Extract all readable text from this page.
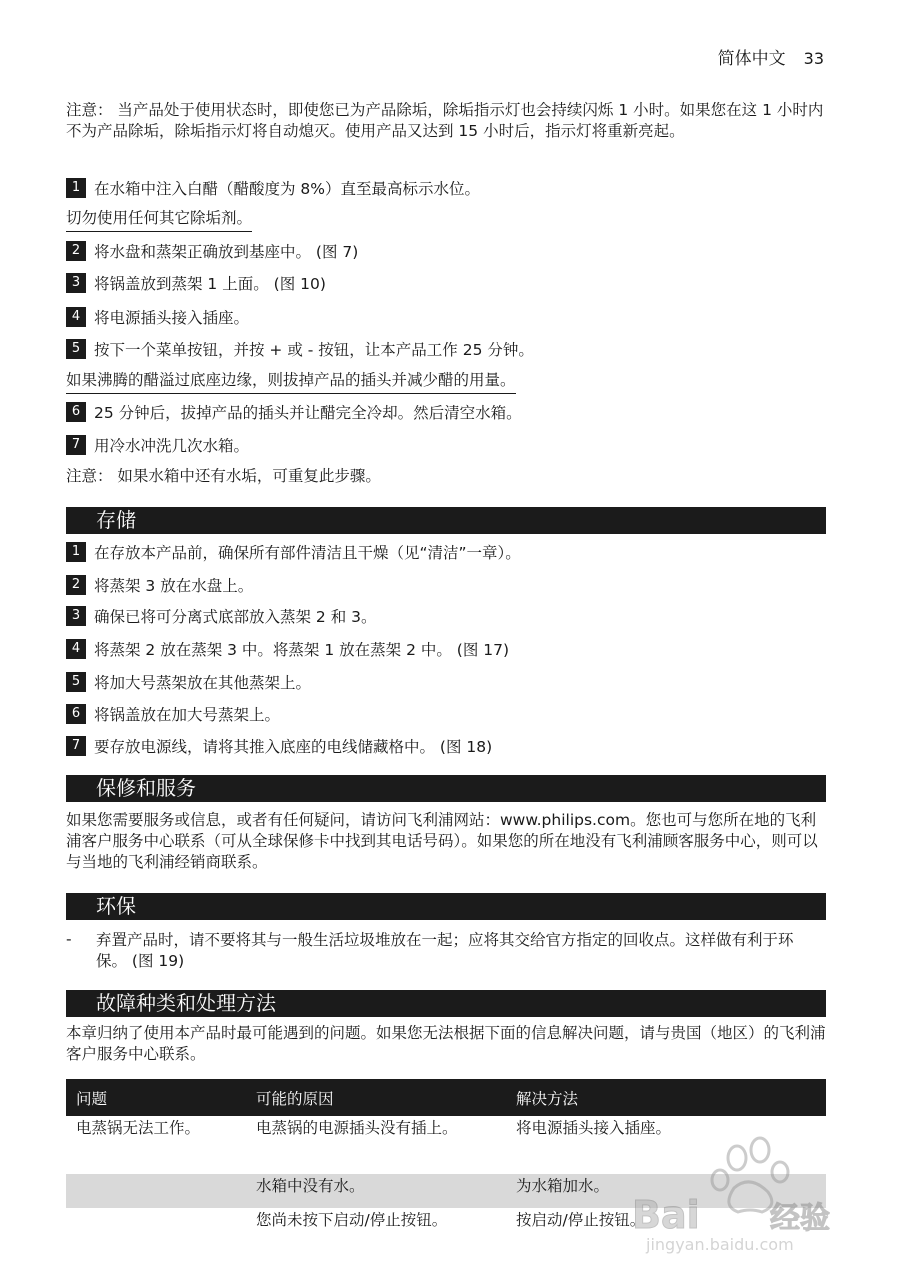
简体中文 33
注意： 当产品处于使用状态时，即使您已为产品除垢，除垢指示灯也会持续闪烁 1 小时。如果您在这 1 小时内不为产品除垢，除垢指示灯将自动熄灭。使用产品又达到 15 小时后，指示灯将重新亮起。
1 在水箱中注入白醋（醋酸度为 8%）直至最高标示水位。
切勿使用任何其它除垢剂。
2 将水盘和蒸架正确放到基座中。 (图 7)
3 将锅盖放到蒸架 1 上面。 (图 10)
4 将电源插头接入插座。
5 按下一个菜单按钮，并按 + 或 - 按钮，让本产品工作 25 分钟。
如果沸腾的醋溢过底座边缘，则拔掉产品的插头并减少醋的用量。
6 25 分钟后，拔掉产品的插头并让醋完全冷却。然后清空水箱。
7 用冷水冲洗几次水箱。
注意： 如果水箱中还有水垢，可重复此步骤。
存储
1 在存放本产品前，确保所有部件清洁且干燥（见“清洁”一章）。
2 将蒸架 3 放在水盘上。
3 确保已将可分离式底部放入蒸架 2 和 3。
4 将蒸架 2 放在蒸架 3 中。将蒸架 1 放在蒸架 2 中。 (图 17)
5 将加大号蒸架放在其他蒸架上。
6 将锅盖放在加大号蒸架上。
7 要存放电源线，请将其推入底座的电线储藏格中。 (图 18)
保修和服务
如果您需要服务或信息，或者有任何疑问，请访问飞利浦网站：www.philips.com。您也可与您所在地的飞利浦客户服务中心联系（可从全球保修卡中找到其电话号码）。如果您的所在地没有飞利浦顾客服务中心，则可以与当地的飞利浦经销商联系。
环保
- 弃置产品时，请不要将其与一般生活垃圾堆放在一起；应将其交给官方指定的回收点。这样做有利于环保。 (图 19)
故障种类和处理方法
本章归纳了使用本产品时最可能遇到的问题。如果您无法根据下面的信息解决问题，请与贵国（地区）的飞利浦客户服务中心联系。
问题	可能的原因	解决方法
电蒸锅无法工作。	电蒸锅的电源插头没有插上。	将电源插头接入插座。
	水箱中没有水。	为水箱加水。
	您尚未按下启动/停止按钮。	按启动/停止按钮。
Bai 经验
jingyan.baidu.com
